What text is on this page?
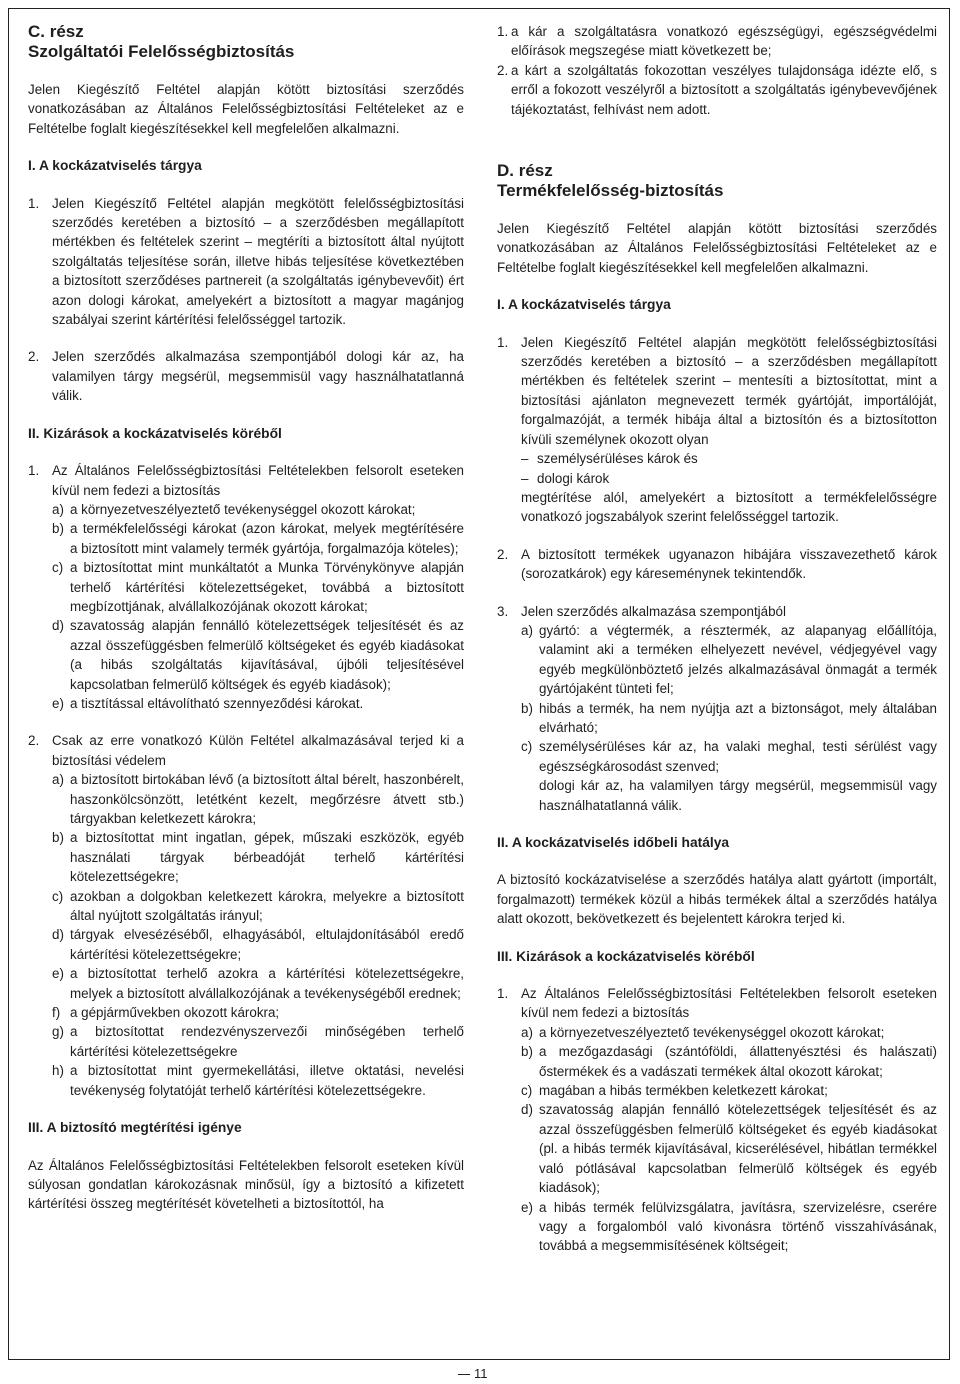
C. rész
Szolgáltatói Felelősségbiztosítás

Jelen Kiegészítő Feltétel alapján kötött biztosítási szerződés vonatkozásában az Általános Felelősségbiztosítási Feltételeket az e Feltételbe foglalt kiegészítésekkel kell megfelelően alkalmazni.

I. A kockázatviselés tárgya
1. Jelen Kiegészítő Feltétel alapján megkötött felelősségbiztosítási szerződés keretében a biztosító – a szerződésben megállapított mértékben és feltételek szerint – megtéríti a biztosított által nyújtott szolgáltatás teljesítése során, illetve hibás teljesítése következtében a biztosított szerződéses partnereit (a szolgáltatás igénybevevőit) ért azon dologi károkat, amelyekért a biztosított a magyar magánjog szabályai szerint kártérítési felelősséggel tartozik.

2. Jelen szerződés alkalmazása szempontjából dologi kár az, ha valamilyen tárgy megsérül, megsemmisül vagy használhatatlanná válik.

II. Kizárások a kockázatviselés köréből
1. Az Általános Felelősségbiztosítási Feltételekben felsorolt eseteken kívül nem fedezi a biztosítás

a) a környezetveszélyeztető tevékenységgel okozott károkat;
b) a termékfelelősségi károkat (azon károkat, melyek megtérítésére a biztosított mint valamely termék gyártója, forgalmazója köteles);
c) a biztosítottat mint munkáltatót a Munka Törvénykönyve alapján terhelő kártérítési kötelezettségeket, továbbá a biztosított megbízottjának, alvállalkozójának okozott károkat;
d) szavatosság alapján fennálló kötelezettségek teljesítését és az azzal összefüggésben felmerülő költségeket és egyéb kiadásokat (a hibás szolgáltatás kijavításával, újbóli teljesítésével kapcsolatban felmerülő költségek és egyéb kiadások);
e) a tisztítással eltávolítható szennyeződési károkat.
2. Csak az erre vonatkozó Külön Feltétel alkalmazásával terjed ki a biztosítási védelem

a) a biztosított birtokában lévő (a biztosított által bérelt, haszonbérelt, haszonkölcsönzött, letétként kezelt, megőrzésre átvett stb.) tárgyakban keletkezett károkra;
b) a biztosítottat mint ingatlan, gépek, műszaki eszközök, egyéb használati tárgyak bérbeadóját terhelő kártérítési kötelezettségekre;
c) azokban a dolgokban keletkezett károkra, melyekre a biztosított által nyújtott szolgáltatás irányul;
d) tárgyak elvesézéséből, elhagyásából, eltulajdonításából eredő kártérítési kötelezettségekre;
e) a biztosítottat terhelő azokra a kártérítési kötelezettségekre, melyek a biztosított alvállalkozójának a tevékenységéből erednek;
f) a gépjárművekben okozott károkra;
g) a biztosítottat rendezvényszervezői minőségében terhelő kártérítési kötelezettségekre
h) a biztosítottat mint gyermekellátási, illetve oktatási, nevelési tevékenység folytatóját terhelő kártérítési kötelezettségekre.
III. A biztosító megtérítési igénye

Az Általános Felelősségbiztosítási Feltételekben felsorolt eseteken kívül súlyosan gondatlan károkozásnak minősül, így a biztosító a kifizetett kártérítési összeg megtérítését követelheti a biztosítottól, ha

1. a kár a szolgáltatásra vonatkozó egészségügyi, egészségvédelmi előírások megszegése miatt következett be;

2. a kárt a szolgáltatás fokozottan veszélyes tulajdonsága idézte elő, s erről a fokozott veszélyről a biztosított a szolgáltatás igénybevevőjének tájékoztatást, felhívást nem adott.

D. rész
Termékfelelősség-biztosítás

Jelen Kiegészítő Feltétel alapján kötött biztosítási szerződés vonatkozásában az Általános Felelősségbiztosítási Feltételeket az e Feltételbe foglalt kiegészítésekkel kell megfelelően alkalmazni.

I. A kockázatviselés tárgya
1. Jelen Kiegészítő Feltétel alapján megkötött felelősségbiztosítási szerződés keretében a biztosító – a szerződésben megállapított mértékben és feltételek szerint – mentesíti a biztosítottat, mint a biztosítási ajánlaton megnevezett termék gyártóját, importálóját, forgalmazóját, a termék hibája által a biztosítón és a biztosítotton kívüli személynek okozott olyan

– személysérüléses károk és
– dologi károk

megtérítése alól, amelyekért a biztosított a termékfelelősségre vonatkozó jogszabályok szerint felelősséggel tartozik.

2. A biztosított termékek ugyanazon hibájára visszavezethető károk (sorozatkárok) egy káreseménynek tekintendők.

3. Jelen szerződés alkalmazása szempontjából

a) gyártó: a végtermék, a résztermék, az alapanyag előállítója, valamint aki a terméken elhelyezett nevével, védjegyével vagy egyéb megkülönböztető jelzés alkalmazásával önmagát a termék gyártójaként tünteti fel;
b) hibás a termék, ha nem nyújtja azt a biztonságot, mely általában elvárható;
c) személysérüléses kár az, ha valaki meghal, testi sérülést vagy egészségkárosodást szenved;
dologi kár az, ha valamilyen tárgy megsérül, megsemmisül vagy használhatatlanná válik.
II. A kockázatviselés időbeli hatálya

A biztosító kockázatviselése a szerződés hatálya alatt gyártott (importált, forgalmazott) termékek közül a hibás termékek által a szerződés hatálya alatt okozott, bekövetkezett és bejelentett károkra terjed ki.

III. Kizárások a kockázatviselés köréből
1. Az Általános Felelősségbiztosítási Feltételekben felsorolt eseteken kívül nem fedezi a biztosítás

a) a környezetveszélyeztető tevékenységgel okozott károkat;
b) a mezőgazdasági (szántóföldi, állattenyésztési és halászati) őstermékek és a vadászati termékek által okozott károkat;
c) magában a hibás termékben keletkezett károkat;
d) szavatosság alapján fennálló kötelezettségek teljesítését és az azzal összefüggésben felmerülő költségeket és egyéb kiadásokat (pl. a hibás termék kijavításával, kicserélésével, hibátlan termékkel való pótlásával kapcsolatban felmerülő költségek és egyéb kiadások);
e) a hibás termék felülvizsgálatra, javításra, szervizelésre, cserére vagy a forgalomból való kivonásra történő visszahívásának, továbbá a megsemmisítésének költségeit;
11
